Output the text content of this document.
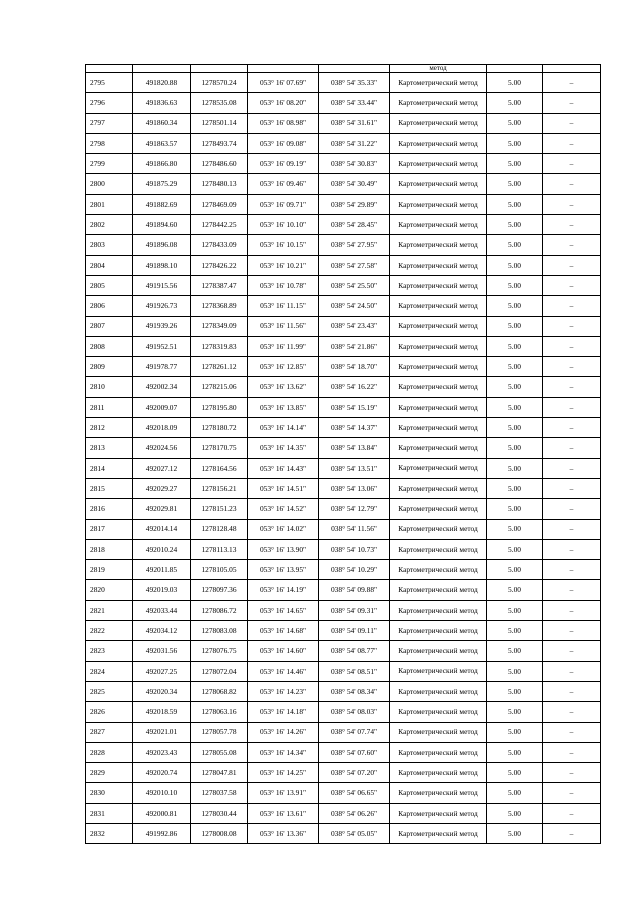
					метод		
2795	491820.88	1278570.24	053° 16' 07.69"	038° 54' 35.33"	Картометрический метод	5.00	–
2796	491836.63	1278535.08	053° 16' 08.20"	038° 54' 33.44"	Картометрический метод	5.00	–
2797	491860.34	1278501.14	053° 16' 08.98"	038° 54' 31.61"	Картометрический метод	5.00	–
2798	491863.57	1278493.74	053° 16' 09.08"	038° 54' 31.22"	Картометрический метод	5.00	–
2799	491866.80	1278486.60	053° 16' 09.19"	038° 54' 30.83"	Картометрический метод	5.00	–
2800	491875.29	1278480.13	053° 16' 09.46"	038° 54' 30.49"	Картометрический метод	5.00	–
2801	491882.69	1278469.09	053° 16' 09.71"	038° 54' 29.89"	Картометрический метод	5.00	–
2802	491894.60	1278442.25	053° 16' 10.10"	038° 54' 28.45"	Картометрический метод	5.00	–
2803	491896.08	1278433.09	053° 16' 10.15"	038° 54' 27.95"	Картометрический метод	5.00	–
2804	491898.10	1278426.22	053° 16' 10.21"	038° 54' 27.58"	Картометрический метод	5.00	–
2805	491915.56	1278387.47	053° 16' 10.78"	038° 54' 25.50"	Картометрический метод	5.00	–
2806	491926.73	1278368.89	053° 16' 11.15"	038° 54' 24.50"	Картометрический метод	5.00	–
2807	491939.26	1278349.09	053° 16' 11.56"	038° 54' 23.43"	Картометрический метод	5.00	–
2808	491952.51	1278319.83	053° 16' 11.99"	038° 54' 21.86"	Картометрический метод	5.00	–
2809	491978.77	1278261.12	053° 16' 12.85"	038° 54' 18.70"	Картометрический метод	5.00	–
2810	492002.34	1278215.06	053° 16' 13.62"	038° 54' 16.22"	Картометрический метод	5.00	–
2811	492009.07	1278195.80	053° 16' 13.85"	038° 54' 15.19"	Картометрический метод	5.00	–
2812	492018.09	1278180.72	053° 16' 14.14"	038° 54' 14.37"	Картометрический метод	5.00	–
2813	492024.56	1278170.75	053° 16' 14.35"	038° 54' 13.84"	Картометрический метод	5.00	–
2814	492027.12	1278164.56	053° 16' 14.43"	038° 54' 13.51"	Картометрический метод	5.00	–
2815	492029.27	1278156.21	053° 16' 14.51"	038° 54' 13.06"	Картометрический метод	5.00	–
2816	492029.81	1278151.23	053° 16' 14.52"	038° 54' 12.79"	Картометрический метод	5.00	–
2817	492014.14	1278128.48	053° 16' 14.02"	038° 54' 11.56"	Картометрический метод	5.00	–
2818	492010.24	1278113.13	053° 16' 13.90"	038° 54' 10.73"	Картометрический метод	5.00	–
2819	492011.85	1278105.05	053° 16' 13.95"	038° 54' 10.29"	Картометрический метод	5.00	–
2820	492019.03	1278097.36	053° 16' 14.19"	038° 54' 09.88"	Картометрический метод	5.00	–
2821	492033.44	1278086.72	053° 16' 14.65"	038° 54' 09.31"	Картометрический метод	5.00	–
2822	492034.12	1278083.08	053° 16' 14.68"	038° 54' 09.11"	Картометрический метод	5.00	–
2823	492031.56	1278076.75	053° 16' 14.60"	038° 54' 08.77"	Картометрический метод	5.00	–
2824	492027.25	1278072.04	053° 16' 14.46"	038° 54' 08.51"	Картометрический метод	5.00	–
2825	492020.34	1278068.82	053° 16' 14.23"	038° 54' 08.34"	Картометрический метод	5.00	–
2826	492018.59	1278063.16	053° 16' 14.18"	038° 54' 08.03"	Картометрический метод	5.00	–
2827	492021.01	1278057.78	053° 16' 14.26"	038° 54' 07.74"	Картометрический метод	5.00	–
2828	492023.43	1278055.08	053° 16' 14.34"	038° 54' 07.60"	Картометрический метод	5.00	–
2829	492020.74	1278047.81	053° 16' 14.25"	038° 54' 07.20"	Картометрический метод	5.00	–
2830	492010.10	1278037.58	053° 16' 13.91"	038° 54' 06.65"	Картометрический метод	5.00	–
2831	492000.81	1278030.44	053° 16' 13.61"	038° 54' 06.26"	Картометрический метод	5.00	–
2832	491992.86	1278008.08	053° 16' 13.36"	038° 54' 05.05"	Картометрический метод	5.00	–
